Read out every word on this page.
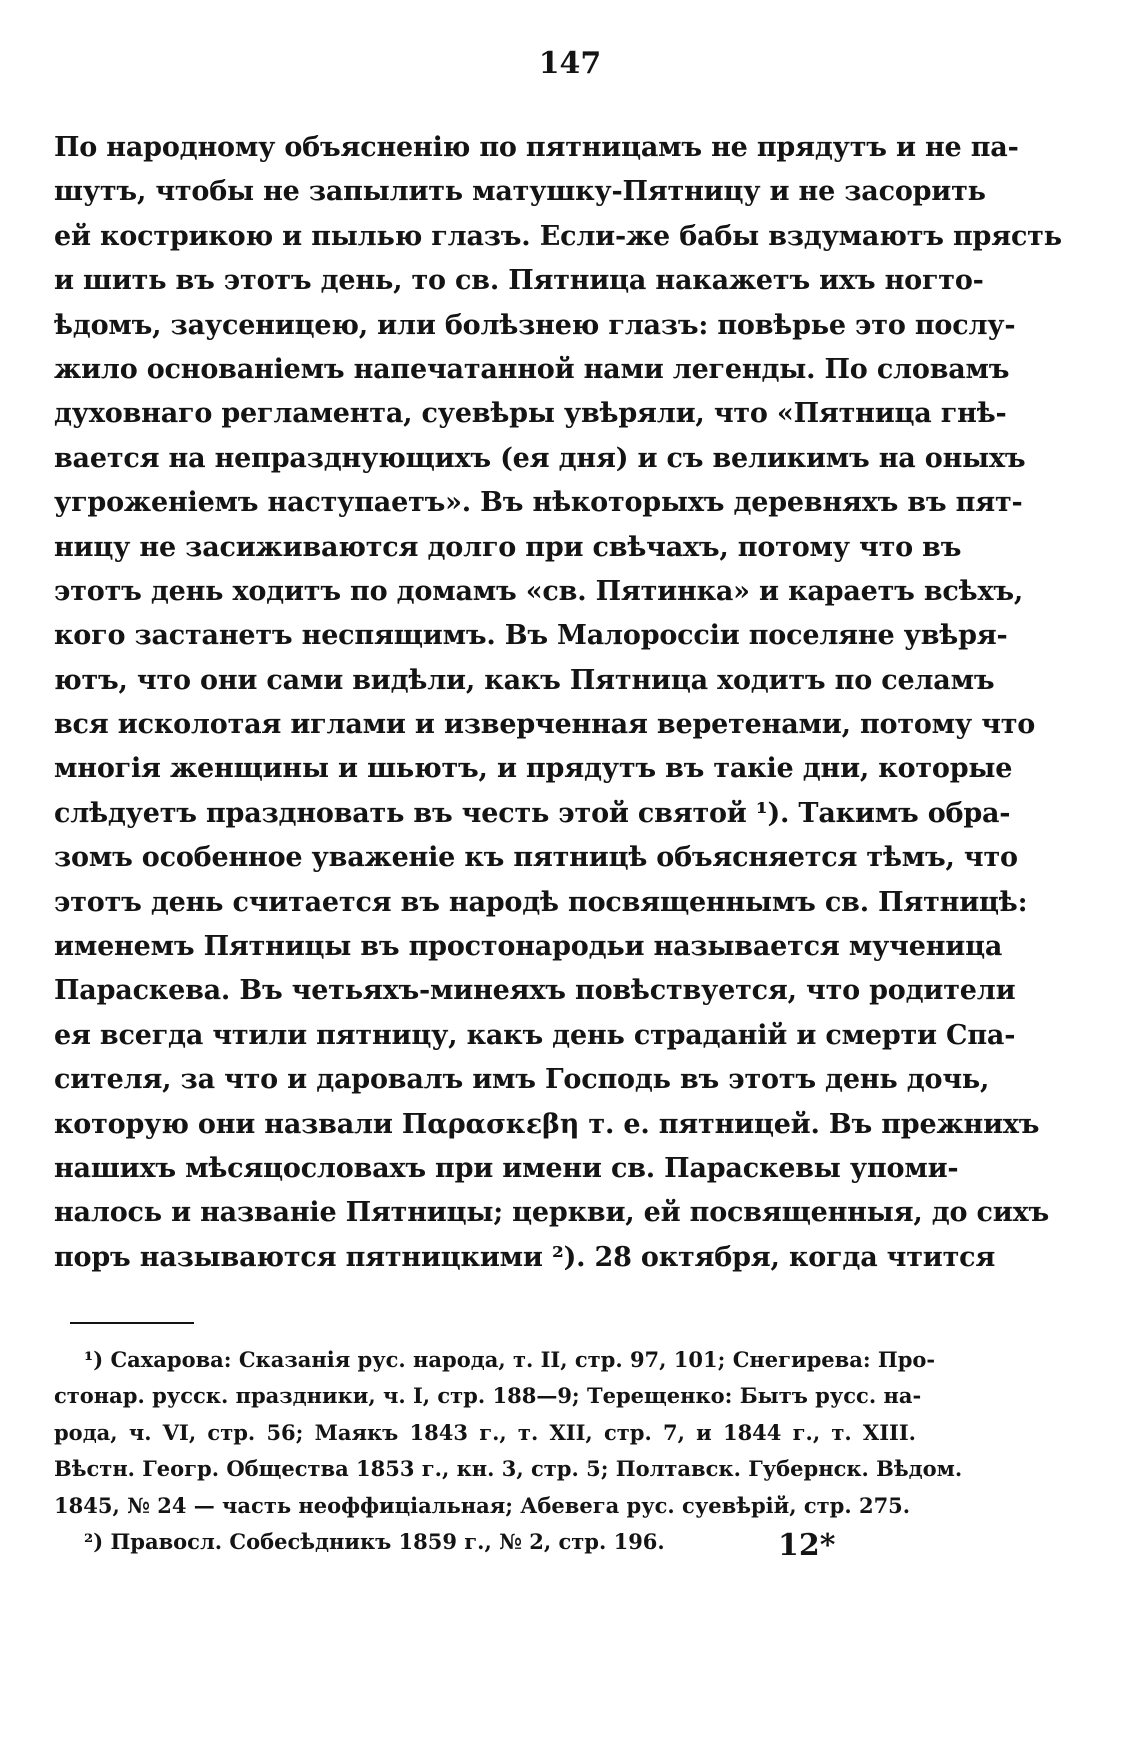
147
По народному объясненію по пятницамъ не прядутъ и не па-
шутъ, чтобы не запылить матушку-Пятницу и не засорить
ей кострикою и пылью глазъ. Если-же бабы вздумаютъ прясть
и шить въ этотъ день, то св. Пятница накажетъ ихъ ногто-
ѣдомъ, заусеницею, или болѣзнею глазъ: повѣрье это послу-
жило основаніемъ напечатанной нами легенды. По словамъ
духовнаго регламента, суевѣры увѣряли, что «Пятница гнѣ-
вается на непразднующихъ (ея дня) и съ великимъ на оныхъ
угроженіемъ наступаетъ». Въ нѣкоторыхъ деревняхъ въ пят-
ницу не засиживаются долго при свѣчахъ, потому что въ
этотъ день ходитъ по домамъ «св. Пятинка» и караетъ всѣхъ,
кого застанетъ неспящимъ. Въ Малороссіи поселяне увѣря-
ютъ, что они сами видѣли, какъ Пятница ходитъ по селамъ
вся исколотая иглами и изверченная веретенами, потому что
многія женщины и шьютъ, и прядутъ въ такіе дни, которые
слѣдуетъ праздновать въ честь этой святой ¹). Такимъ обра-
зомъ особенное уваженіе къ пятницѣ объясняется тѣмъ, что
этотъ день считается въ народѣ посвященнымъ св. Пятницѣ:
именемъ Пятницы въ простонародьи называется мученица
Параскева. Въ четьяхъ-минеяхъ повѣствуется, что родители
ея всегда чтили пятницу, какъ день страданій и смерти Спа-
сителя, за что и даровалъ имъ Господь въ этотъ день дочь,
которую они назвали Παρασκεβη т. е. пятницей. Въ прежнихъ
нашихъ мѣсяцословахъ при имени св. Параскевы упоми-
налось и названіе Пятницы; церкви, ей посвященныя, до сихъ
поръ называются пятницкими ²). 28 октября, когда чтится
¹) Сахарова: Сказанія рус. народа, т. II, стр. 97, 101; Снегирева: Про-
стонар. русск. праздники, ч. I, стр. 188—9; Терещенко: Бытъ русс. на-
рода, ч. VI, стр. 56; Маякъ 1843 г., т. XII, стр. 7, и 1844 г., т. XIII.
Вѣстн. Геогр. Общества 1853 г., кн. 3, стр. 5; Полтавск. Губернск. Вѣдом.
1845, № 24 — часть неоффиціальная; Абевега рус. суевѣрій, стр. 275.
²) Правосл. Собесѣдникъ 1859 г., № 2, стр. 196.	12*
